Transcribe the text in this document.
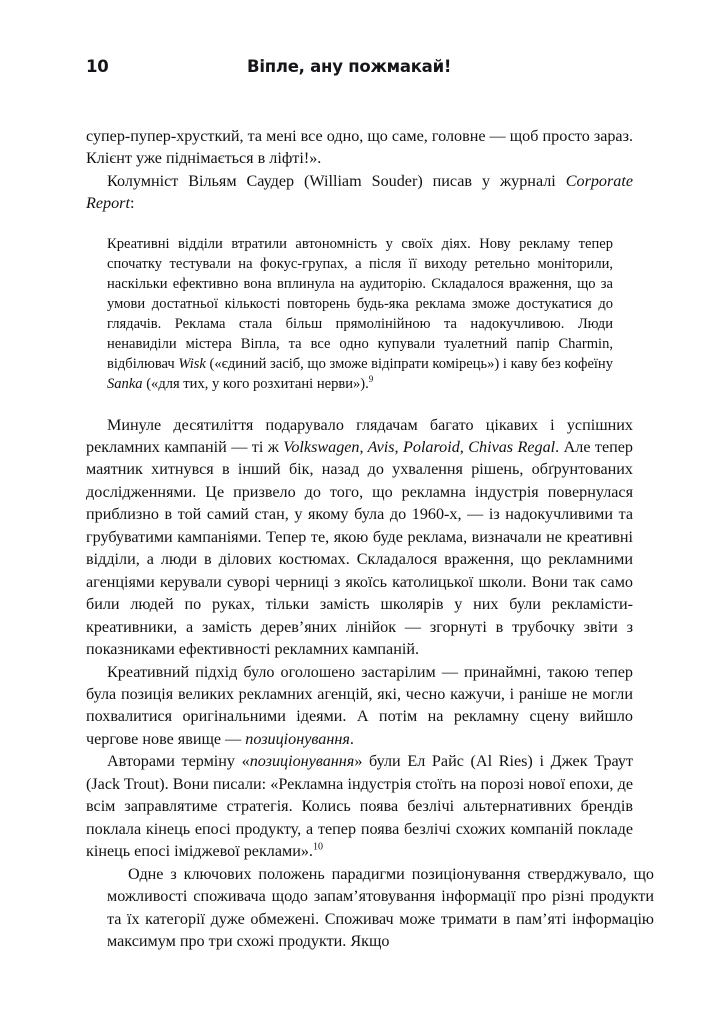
10	Віпле, ану пожмакай!

супер-пупер-хрусткий, та мені все одно, що саме, головне — щоб просто зараз. Клієнт уже піднімається в ліфті!».

Колумніст Вільям Саудер (William Souder) писав у журналі Corporate Report:

Креативні відділи втратили автономність у своїх діях. Нову рекламу тепер спочатку тестували на фокус-групах, а після її виходу ретельно моніторили, наскільки ефективно вона вплинула на аудиторію. Складалося враження, що за умови достатньої кількості повторень будь-яка реклама зможе достукатися до глядачів. Реклама стала більш прямолінійною та надокучливою. Люди ненавиділи містера Віпла, та все одно купували туалетний папір Charmin, відбілювач Wisk («єдиний засіб, що зможе відіпрати комірець») і каву без кофеїну Sanka («для тих, у кого розхитані нерви»).$^9$

Минуле десятиліття подарувало глядачам багато цікавих і успішних рекламних кампаній — ті ж Volkswagen, Avis, Polaroid, Chivas Regal. Але тепер маятник хитнувся в інший бік, назад до ухвалення рішень, обґрунтованих дослідженнями. Це призвело до того, що рекламна індустрія повернулася приблизно в той самий стан, у якому була до 1960-х, — із надокучливими та грубуватими кампаніями. Тепер те, якою буде реклама, визначали не креативні відділи, а люди в ділових костюмах. Складалося враження, що рекламними агенціями керували суворі черниці з якоїсь католицької школи. Вони так само били людей по руках, тільки замість школярів у них були рекламісти-креативники, а замість дерев’яних лінійок — згорнуті в трубочку звіти з показниками ефективності рекламних кампаній.

Креативний підхід було оголошено застарілим — принаймні, такою тепер була позиція великих рекламних агенцій, які, чесно кажучи, і раніше не могли похвалитися оригінальними ідеями. А потім на рекламну сцену вийшло чергове нове явище — позиціонування.

Авторами терміну «позиціонування» були Ел Райс (Al Ries) і Джек Траут (Jack Trout). Вони писали: «Рекламна індустрія стоїть на порозі нової епохи, де всім заправлятиме стратегія. Колись поява безлічі альтернативних брендів поклала кінець епосі продукту, а тепер поява безлічі схожих компаній покладе кінець епосі іміджевої реклами».$^{10}$

Одне з ключових положень парадигми позиціонування стверджувало, що можливості споживача щодо запам’ятовування інформації про різні продукти та їх категорії дуже обмежені. Споживач може тримати в пам’яті інформацію максимум про три схожі продукти. Якщо
